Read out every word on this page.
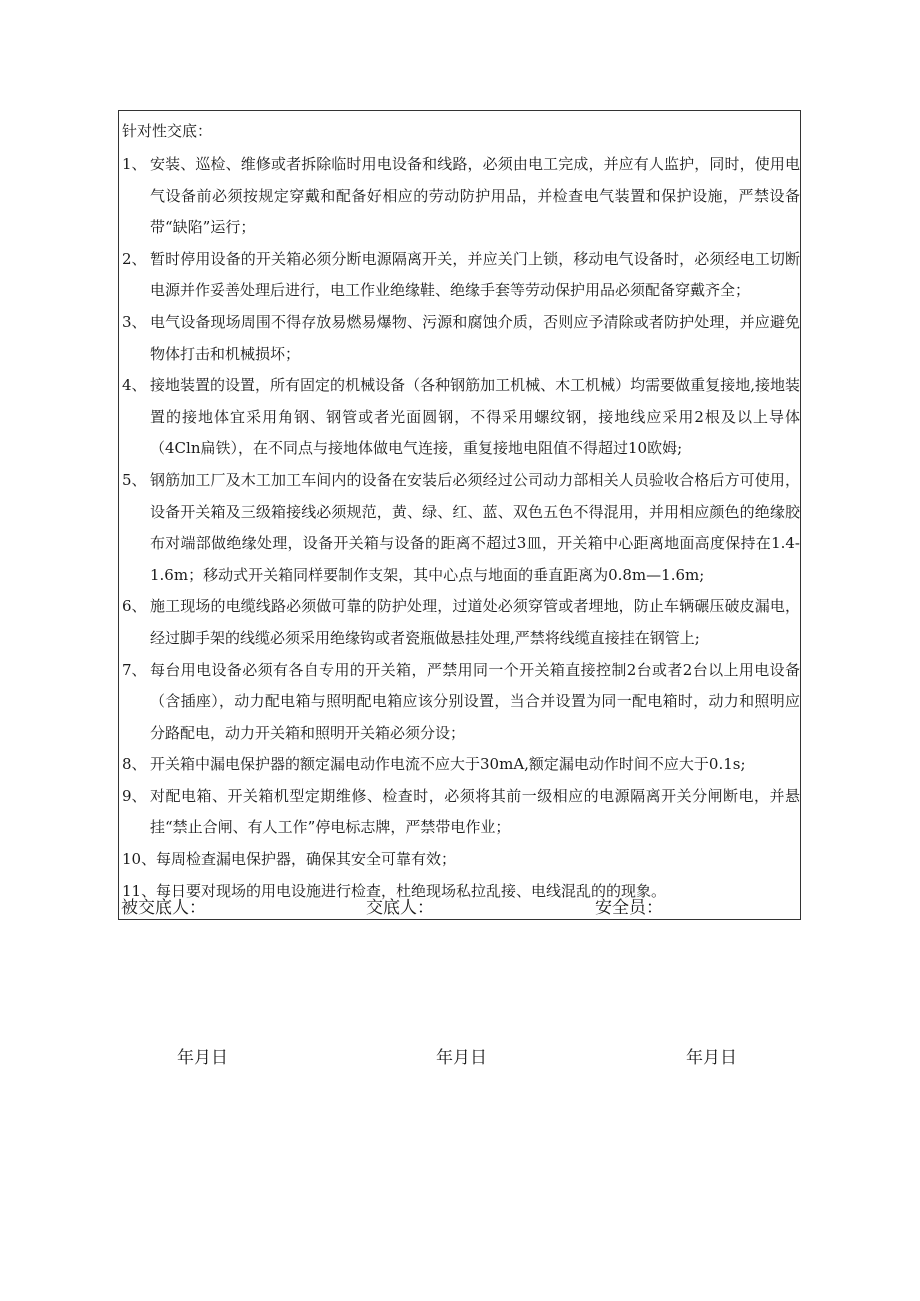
针对性交底：
1、 安装、巡检、维修或者拆除临时用电设备和线路，必须由电工完成，并应有人监护，同时，使用电气设备前必须按规定穿戴和配备好相应的劳动防护用品，并检查电气装置和保护设施，严禁设备带“缺陷”运行；
2、 暂时停用设备的开关箱必须分断电源隔离开关，并应关门上锁，移动电气设备时，必须经电工切断电源并作妥善处理后进行，电工作业绝缘鞋、绝缘手套等劳动保护用品必须配备穿戴齐全；
3、 电气设备现场周围不得存放易燃易爆物、污源和腐蚀介质，否则应予清除或者防护处理，并应避免物体打击和机械损坏；
4、 接地装置的设置，所有固定的机械设备（各种钢筋加工机械、木工机械）均需要做重复接地,接地装置的接地体宜采用角钢、钢管或者光面圆钢，不得采用螺纹钢，接地线应采用2根及以上导体（4Cln扁铁），在不同点与接地体做电气连接，重复接地电阻值不得超过10欧姆;
5、 钢筋加工厂及木工加工车间内的设备在安装后必须经过公司动力部相关人员验收合格后方可使用，设备开关箱及三级箱接线必须规范，黄、绿、红、蓝、双色五色不得混用，并用相应颜色的绝缘胶布对端部做绝缘处理，设备开关箱与设备的距离不超过3皿，开关箱中心距离地面高度保持在1.4-1.6m；移动式开关箱同样要制作支架，其中心点与地面的垂直距离为0.8m—1.6m;
6、 施工现场的电缆线路必须做可靠的防护处理，过道处必须穿管或者埋地，防止车辆碾压破皮漏电，经过脚手架的线缆必须采用绝缘钩或者瓷瓶做悬挂处理,严禁将线缆直接挂在钢管上;
7、 每台用电设备必须有各自专用的开关箱，严禁用同一个开关箱直接控制2台或者2台以上用电设备（含插座），动力配电箱与照明配电箱应该分别设置，当合并设置为同一配电箱时，动力和照明应分路配电，动力开关箱和照明开关箱必须分设；
8、 开关箱中漏电保护器的额定漏电动作电流不应大于30mA,额定漏电动作时间不应大于0.1s;
9、 对配电箱、开关箱机型定期维修、检查时，必须将其前一级相应的电源隔离开关分闸断电，并悬挂“禁止合闸、有人工作”停电标志牌，严禁带电作业；
10、 每周检查漏电保护器，确保其安全可靠有效；
11、 每日要对现场的用电设施进行检查，杜绝现场私拉乱接、电线混乱的的现象。
被交底人：	交底人：	安全员：
年月日	年月日	年月日
